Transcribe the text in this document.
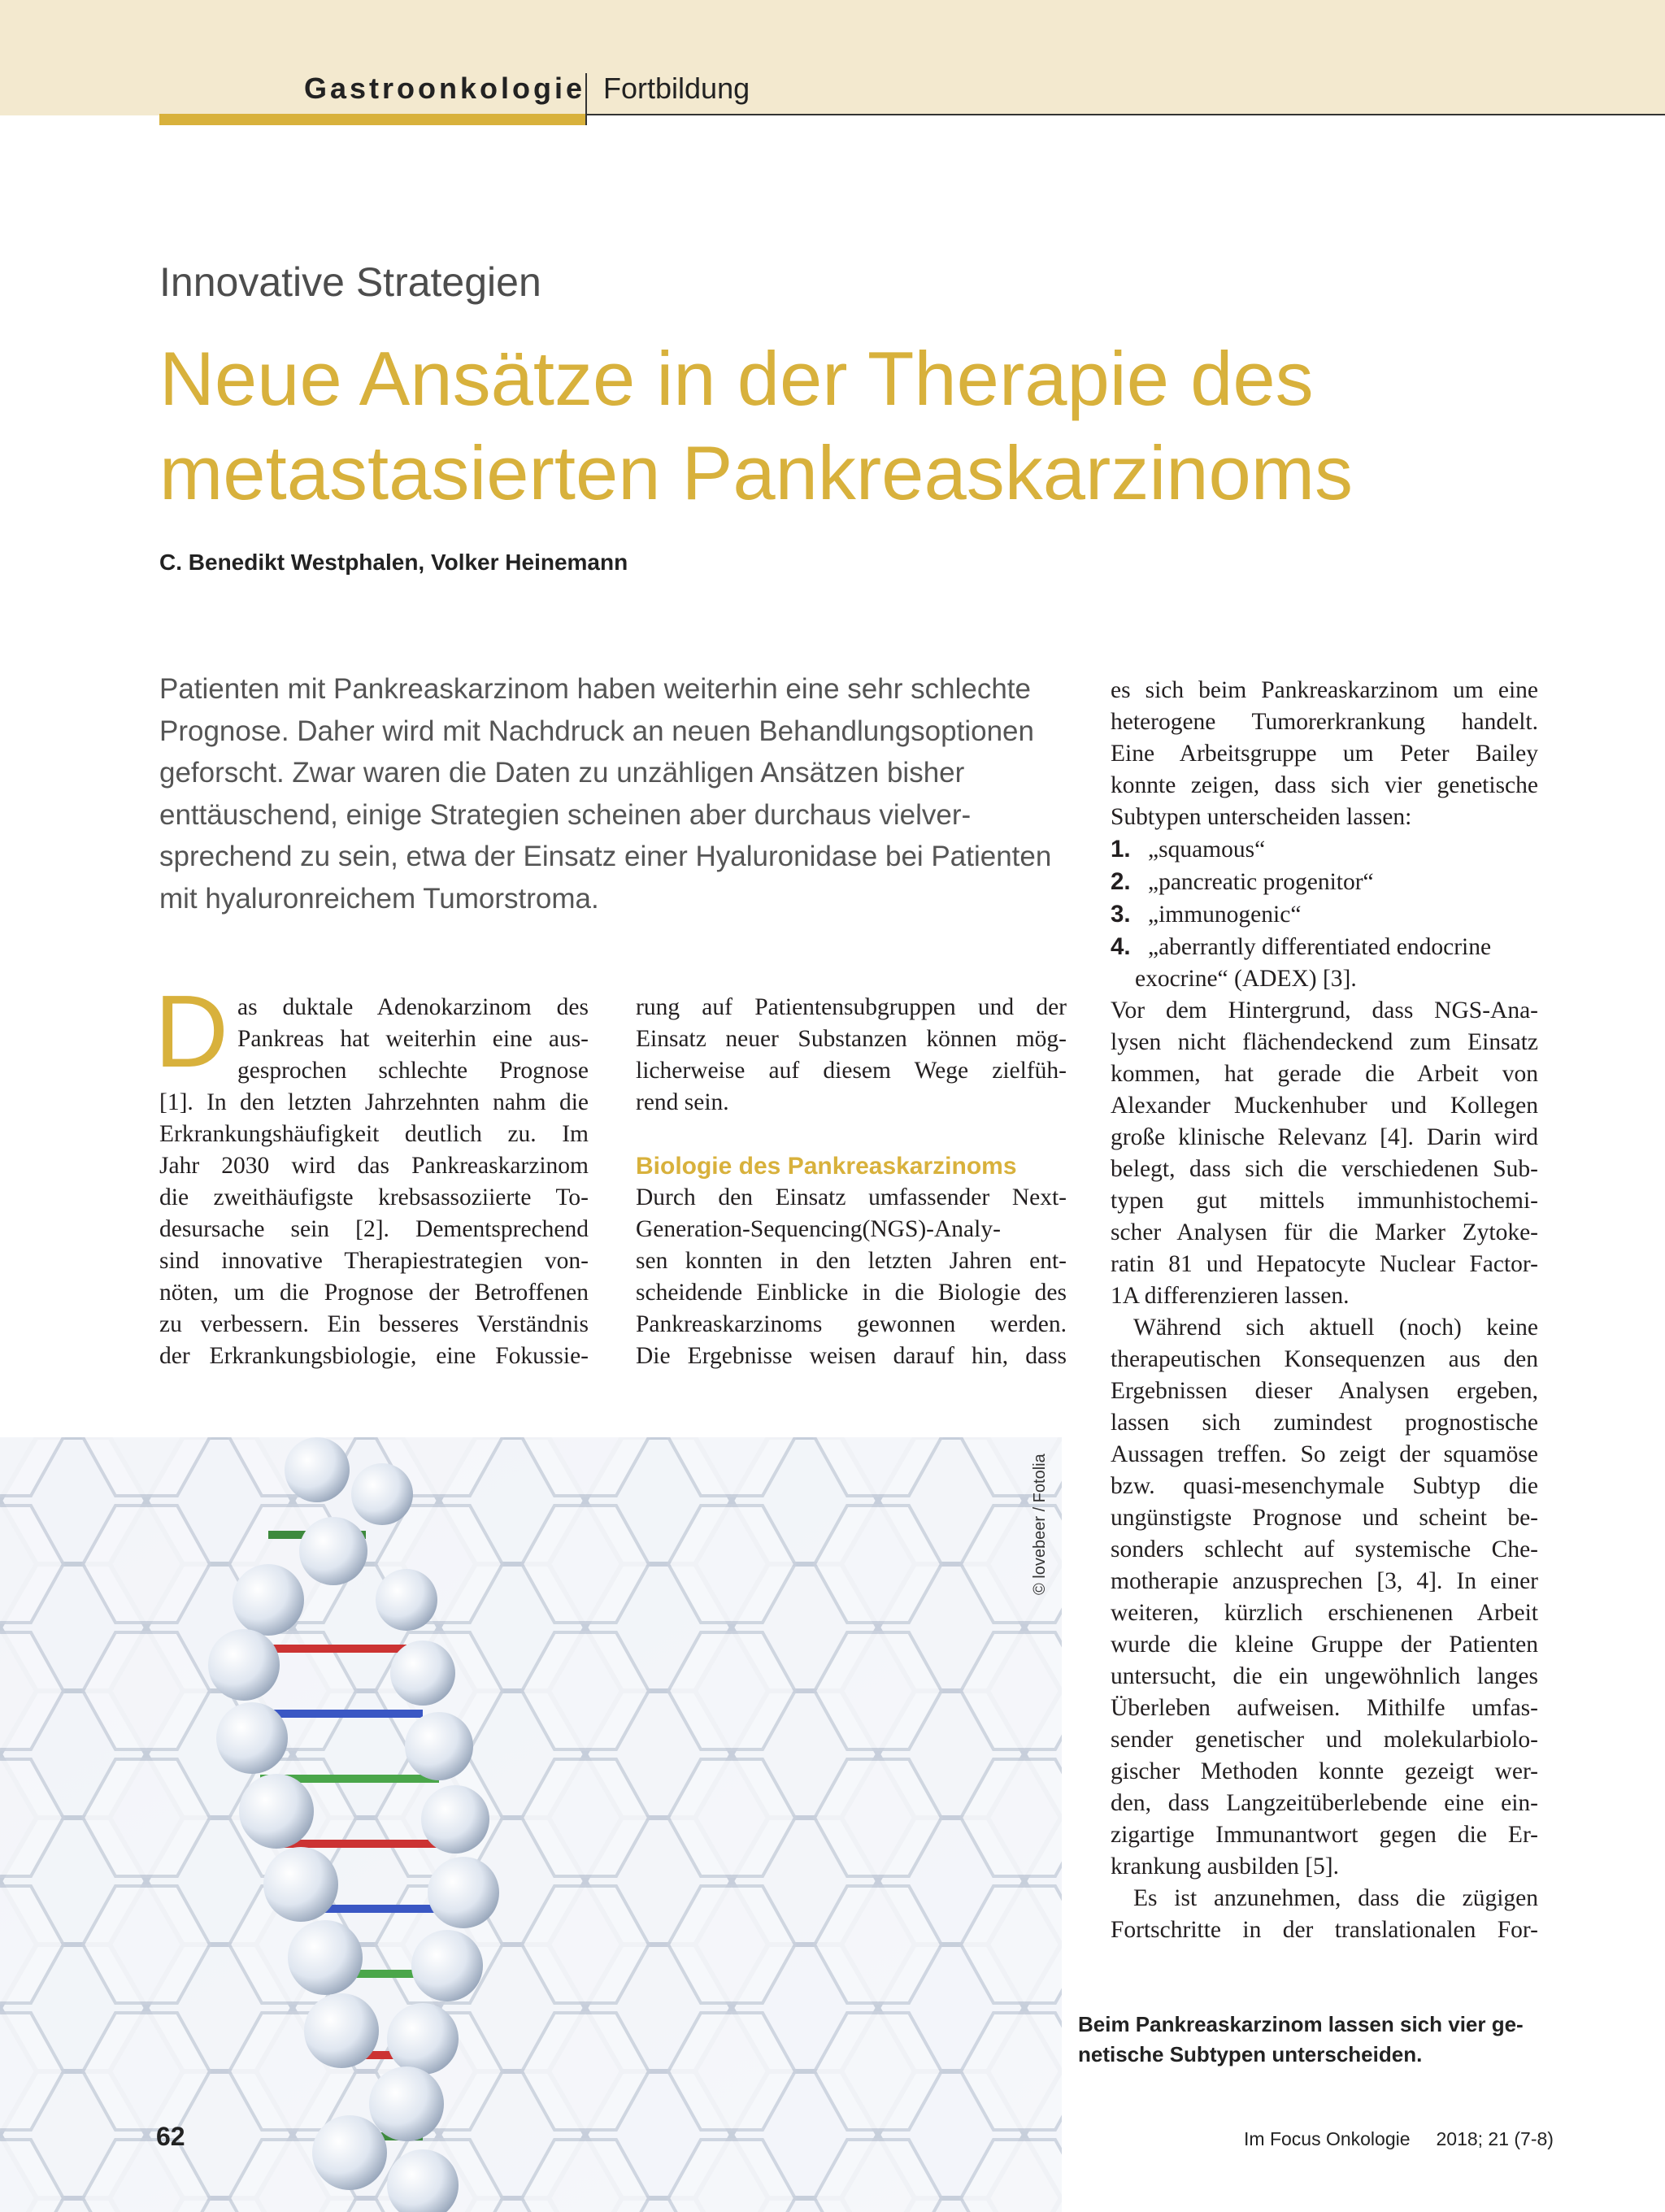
Gastroonkologie Fortbildung
Innovative Strategien
Neue Ansätze in der Therapie des
metastasierten Pankreaskarzinoms
C. Benedikt Westphalen, Volker Heinemann
Patienten mit Pankreaskarzinom haben weiterhin eine sehr schlechte
Prognose. Daher wird mit Nachdruck an neuen Behandlungsoptionen
geforscht. Zwar waren die Daten zu unzähligen Ansätzen bisher
enttäuschend, einige Strategien scheinen aber durchaus vielver-
sprechend zu sein, etwa der Einsatz einer Hyaluronidase bei Patienten
mit hyaluronreichem Tumorstroma.
D as duktale Adenokarzinom des
Pankreas hat weiterhin eine aus-
gesprochen schlechte Prognose
[1]. In den letzten Jahrzehnten nahm die
Erkrankungshäufigkeit deutlich zu. Im
Jahr 2030 wird das Pankreaskarzinom
die zweithäufigste krebsassoziierte To-
desursache sein [2]. Dementsprechend
sind innovative Therapiestrategien von-
nöten, um die Prognose der Betroffenen
zu verbessern. Ein besseres Verständnis
der Erkrankungsbiologie, eine Fokussie-
rung auf Patientensubgruppen und der
Einsatz neuer Substanzen können mög-
licherweise auf diesem Wege zielfüh-
rend sein.
Biologie des Pankreaskarzinoms
Durch den Einsatz umfassender Next-
Generation-Sequencing(NGS)-Analy-
sen konnten in den letzten Jahren ent-
scheidende Einblicke in die Biologie des
Pankreaskarzinoms gewonnen werden.
Die Ergebnisse weisen darauf hin, dass
es sich beim Pankreaskarzinom um eine
heterogene Tumorerkrankung handelt.
Eine Arbeitsgruppe um Peter Bailey
konnte zeigen, dass sich vier genetische
Subtypen unterscheiden lassen:
1. „squamous“
2. „pancreatic progenitor“
3. „immunogenic“
4. „aberrantly differentiated endocrine
exocrine“ (ADEX) [3].
Vor dem Hintergrund, dass NGS-Ana-
lysen nicht flächendeckend zum Einsatz
kommen, hat gerade die Arbeit von
Alexander Muckenhuber und Kollegen
große klinische Relevanz [4]. Darin wird
belegt, dass sich die verschiedenen Sub-
typen gut mittels immunhistochemi-
scher Analysen für die Marker Zytoke-
ratin 81 und Hepatocyte Nuclear Factor-
1A differenzieren lassen.
Während sich aktuell (noch) keine
therapeutischen Konsequenzen aus den
Ergebnissen dieser Analysen ergeben,
lassen sich zumindest prognostische
Aussagen treffen. So zeigt der squamöse
bzw. quasi-mesenchymale Subtyp die
ungünstigste Prognose und scheint be-
sonders schlecht auf systemische Che-
motherapie anzusprechen [3, 4]. In einer
weiteren, kürzlich erschienenen Arbeit
wurde die kleine Gruppe der Patienten
untersucht, die ein ungewöhnlich langes
Überleben aufweisen. Mithilfe umfas-
sender genetischer und molekularbiolo-
gischer Methoden konnte gezeigt wer-
den, dass Langzeitüberlebende eine ein-
zigartige Immunantwort gegen die Er-
krankung ausbilden [5].
Es ist anzunehmen, dass die zügigen
Fortschritte in der translationalen For-
© lovebeer / Fotolia
Beim Pankreaskarzinom lassen sich vier ge-
netische Subtypen unterscheiden.
62	Im Focus Onkologie     2018; 21 (7-8)
